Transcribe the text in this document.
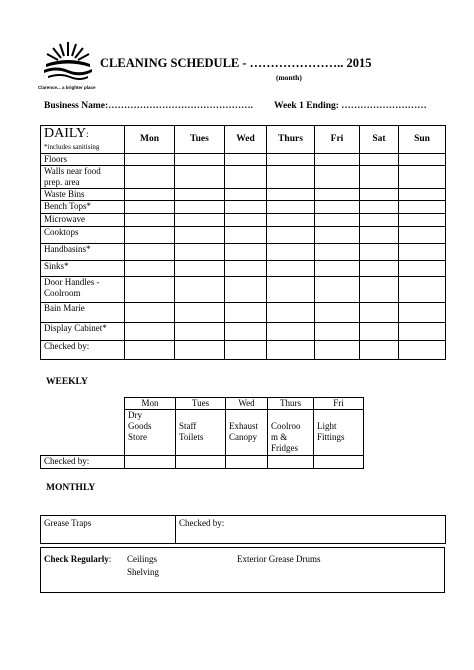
Clarence... a brighter place
CLEANING SCHEDULE - ………………….. 2015
(month)
Business Name:………………………………………. Week 1 Ending: ………………………
DAILY:
*includes sanitising	Mon	Tues	Wed	Thurs	Fri	Sat	Sun
Floors							
Walls near food prep. area							
Waste Bins							
Bench Tops*							
Microwave							
Cooktops							
Handbasins*							
Sinks*							
Door Handles - Coolroom							
Bain Marie							
Display Cabinet*							
Checked by:							
WEEKLY
	Mon	Tues	Wed	Thurs	Fri

	Dry Goods Store	Staff Toilets	Exhaust Canopy	Coolroo m & Fridges	Light Fittings

Checked by:					
MONTHLY
Grease Traps	Checked by:
Check Regularly: Ceilings
Shelving
Exterior Grease Drums
